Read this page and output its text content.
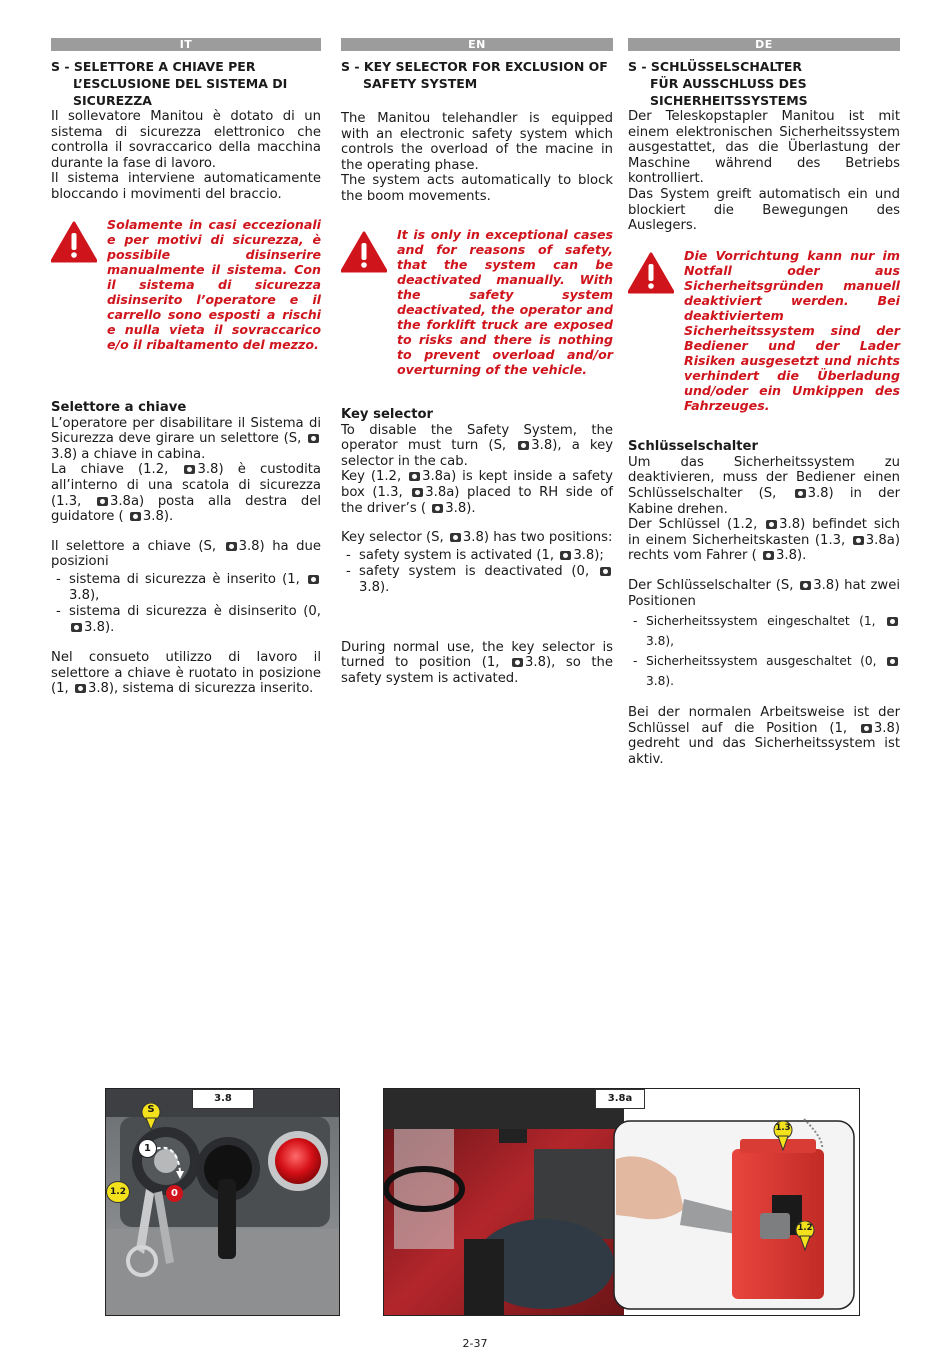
IT
S - SELETTORE A CHIAVE PER
L’ESCLUSIONE DEL SISTEMA DI
SICUREZZA

Il sollevatore Manitou è dotato di un sistema di sicurezza elettronico che controlla il sovraccarico della macchina durante la fase di lavoro.

Il sistema interviene automaticamente bloccando i movimenti del braccio.

Solamente in casi eccezionali e per motivi di sicurezza, è possibile disinserire manualmente il sistema. Con il sistema di sicurezza disinserito l’operatore e il carrello sono esposti a rischi e nulla vieta il sovraccarico e/o il ribaltamento del mezzo.

Selettore a chiave

L’operatore per disabilitare il Sistema di Sicurezza deve girare un selettore (S, 3.8) a chiave in cabina.

La chiave (1.2, 3.8) è custodita all’interno di una scatola di sicurezza (1.3, 3.8a) posta alla destra del guidatore ( 3.8).

Il selettore a chiave (S, 3.8) ha due posizioni

- sistema di sicurezza è inserito (1, 3.8),
- sistema di sicurezza è disinserito (0, 3.8).

Nel consueto utilizzo di lavoro il selettore a chiave è ruotato in posizione (1, 3.8), sistema di sicurezza inserito.

EN
S - KEY SELECTOR FOR EXCLUSION OF
SAFETY SYSTEM

The Manitou telehandler is equipped with an electronic safety system which controls the overload of the macine in the operating phase.

The system acts automatically to block the boom movements.

It is only in exceptional cases and for reasons of safety, that the system can be deactivated manually. With the safety system deactivated, the operator and the forklift truck are exposed to risks and there is nothing to prevent overload and/or overturning of the vehicle.

Key selector

To disable the Safety System, the operator must turn (S, 3.8), a key selector in the cab.

Key (1.2, 3.8a) is kept inside a safety box (1.3, 3.8a) placed to RH side of the driver’s ( 3.8).

Key selector (S, 3.8) has two positions:

- safety system is activated (1, 3.8);
- safety system is deactivated (0, 3.8).

During normal use, the key selector is turned to position (1, 3.8), so the safety system is activated.

DE
S - SCHLÜSSELSCHALTER
FÜR AUSSCHLUSS DES
SICHERHEITSSYSTEMS

Der Teleskopstapler Manitou ist mit einem elektronischen Sicherheitssystem ausgestattet, das die Überlastung der Maschine während des Betriebs kontrolliert.

Das System greift automatisch ein und blockiert die Bewegungen des Auslegers.

Die Vorrichtung kann nur im Notfall oder aus Sicherheitsgründen manuell deaktiviert werden. Bei deaktiviertem Sicherheitssystem sind der Bediener und der Lader Risiken ausgesetzt und nichts verhindert die Überladung und/oder ein Umkippen des Fahrzeuges.

Schlüsselschalter

Um das Sicherheitssystem zu deaktivieren, muss der Bediener einen Schlüsselschalter (S, 3.8) in der Kabine drehen.

Der Schlüssel (1.2, 3.8) befindet sich in einem Sicherheitskasten (1.3, 3.8a) rechts vom Fahrer ( 3.8).

Der Schlüsselschalter (S, 3.8) hat zwei Positionen

- Sicherheitssystem eingeschaltet (1, 3.8),
- Sicherheitssystem ausgeschaltet (0, 3.8).

Bei der normalen Arbeitsweise ist der Schlüssel auf die Position (1, 3.8) gedreht und das Sicherheitssystem ist aktiv.

3.8
S
1
1.2	0
3.8a
1.3
1.2
2-37
